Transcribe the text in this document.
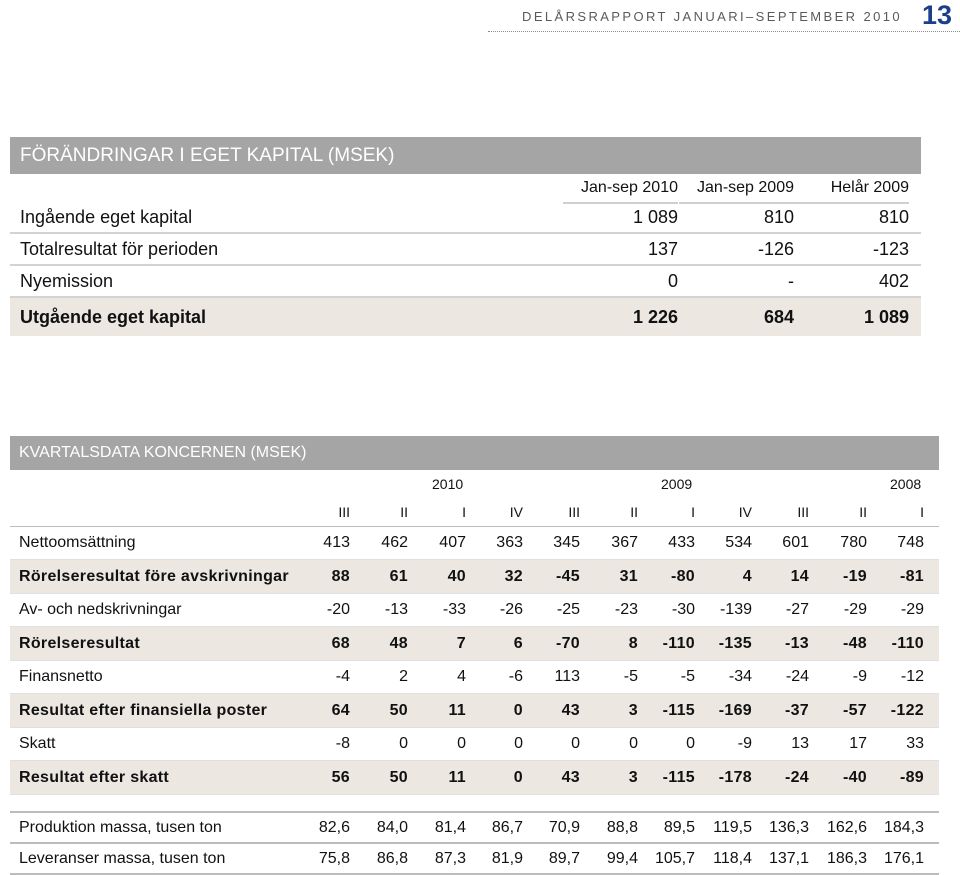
DELÅRSRAPPORT JANUARI–SEPTEMBER 2010 13
FÖRÄNDRINGAR I EGET KAPITAL (MSEK)
Jan-sep 2010	Jan-sep 2009	Helår 2009
Ingående eget kapital	1 089	810	810
Totalresultat för perioden	137	-126	-123
Nyemission	0	-	402
Utgående eget kapital	1 226	684	1 089
KVARTALSDATA KONCERNEN (MSEK)
2010	2009	2008
III	II	I	IV	III	II	I	IV	III	II	I
Nettoomsättning	413	462	407	363	345	367	433	534	601	780	748
Rörelseresultat före avskrivningar	88	61	40	32	-45	31	-80	4	14	-19	-81
Av- och nedskrivningar	-20	-13	-33	-26	-25	-23	-30	-139	-27	-29	-29
Rörelseresultat	68	48	7	6	-70	8	-110	-135	-13	-48	-110
Finansnetto	-4	2	4	-6	113	-5	-5	-34	-24	-9	-12
Resultat efter finansiella poster	64	50	11	0	43	3	-115	-169	-37	-57	-122
Skatt	-8	0	0	0	0	0	0	-9	13	17	33
Resultat efter skatt	56	50	11	0	43	3	-115	-178	-24	-40	-89
Produktion massa, tusen ton	82,6	84,0	81,4	86,7	70,9	88,8	89,5	119,5	136,3	162,6	184,3
Leveranser massa, tusen ton	75,8	86,8	87,3	81,9	89,7	99,4	105,7	118,4	137,1	186,3	176,1
